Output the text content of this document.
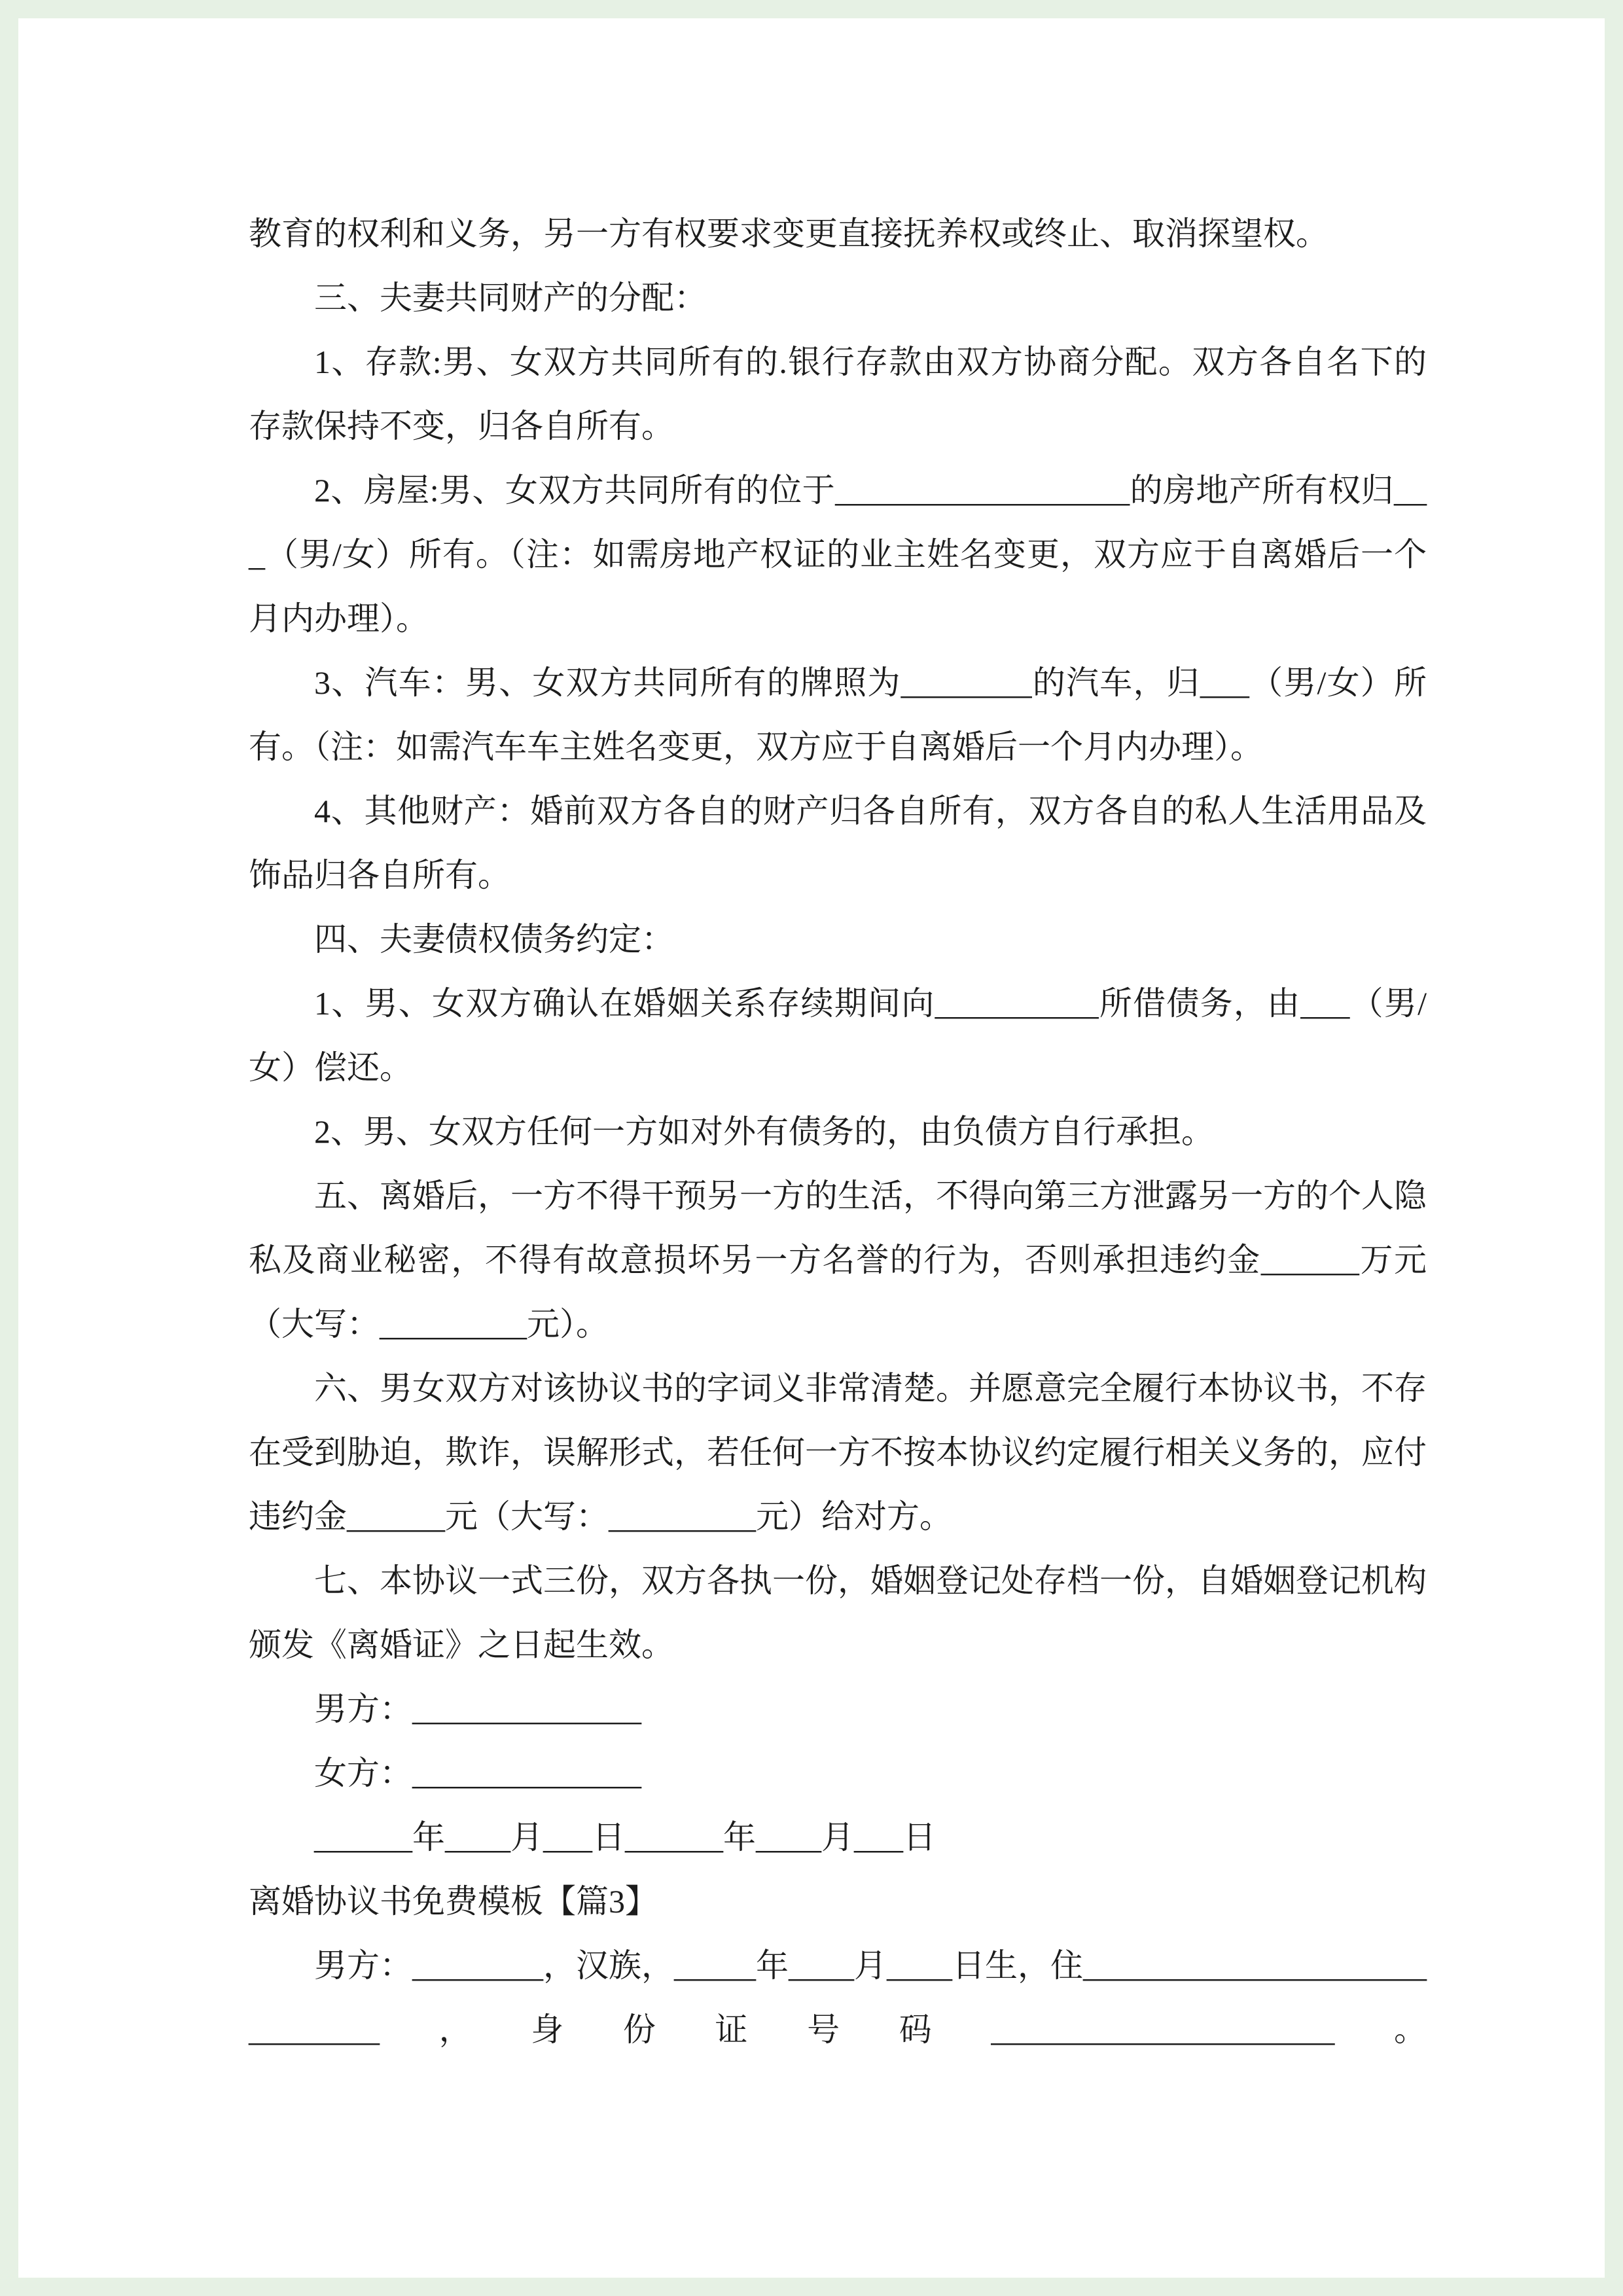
教育的权利和义务，另一方有权要求变更直接抚养权或终止、取消探望权。

三、夫妻共同财产的分配：

1、存款:男、女双方共同所有的.银行存款由双方协商分配。双方各自名下的存款保持不变，归各自所有。

2、房屋:男、女双方共同所有的位于__________________的房地产所有权归___（男/女）所有。（注：如需房地产权证的业主姓名变更，双方应于自离婚后一个月内办理）。

3、汽车：男、女双方共同所有的牌照为________的汽车，归___（男/女）所有。（注：如需汽车车主姓名变更，双方应于自离婚后一个月内办理）。

4、其他财产：婚前双方各自的财产归各自所有，双方各自的私人生活用品及饰品归各自所有。

四、夫妻债权债务约定：

1、男、女双方确认在婚姻关系存续期间向__________所借债务，由___（男/女）偿还。

2、男、女双方任何一方如对外有债务的，由负债方自行承担。

五、离婚后，一方不得干预另一方的生活，不得向第三方泄露另一方的个人隐私及商业秘密，不得有故意损坏另一方名誉的行为，否则承担违约金______万元（大写：_________元）。

六、男女双方对该协议书的字词义非常清楚。并愿意完全履行本协议书，不存在受到胁迫，欺诈，误解形式，若任何一方不按本协议约定履行相关义务的，应付违约金______元（大写：_________元）给对方。

七、本协议一式三份，双方各执一份，婚姻登记处存档一份，自婚姻登记机构颁发《离婚证》之日起生效。

男方：______________

女方：______________

______年____月___日______年____月___日

离婚协议书免费模板【篇3】

男方：________，汉族，_____年____月____日生，住_____________________________，身份证号码_____________________。
